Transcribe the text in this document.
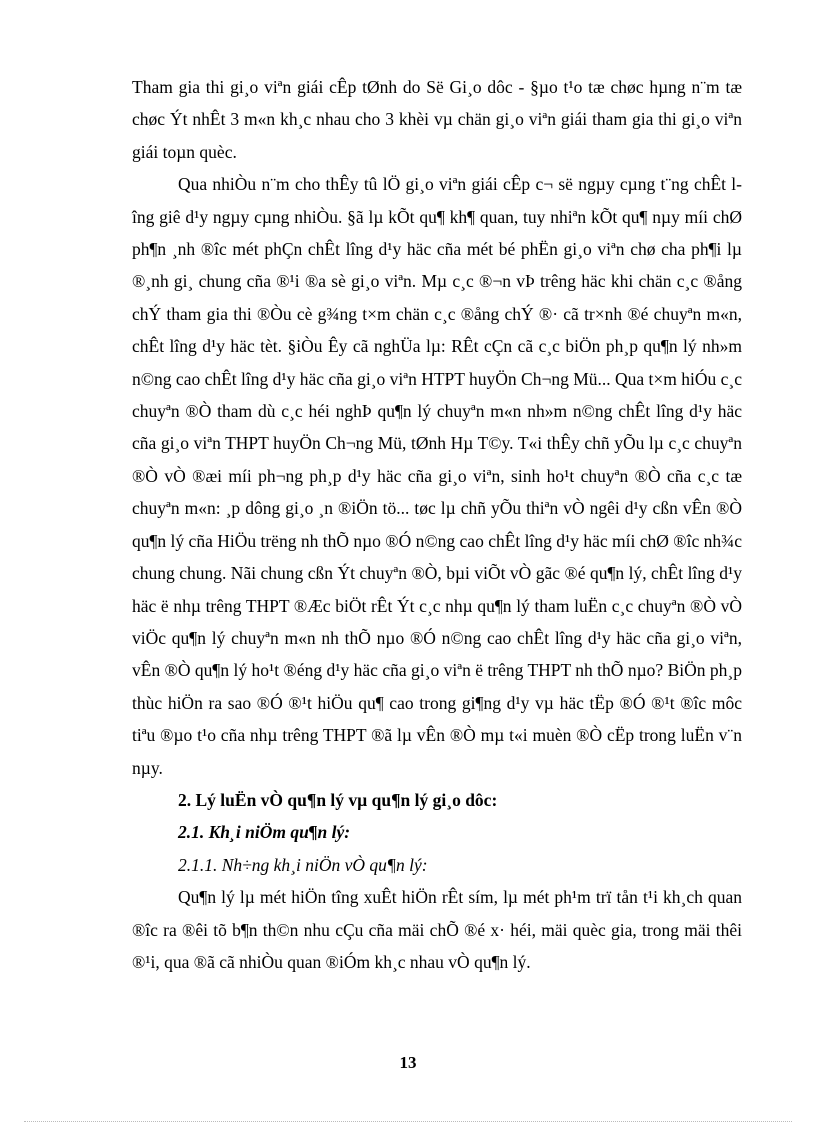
Tham gia thi gi¸o viªn giái cÊp tØnh do Së Gi¸o dôc - §µo t¹o tæ chøc hµng n¨m tæ chøc Ýt nhÊt 3 m«n kh¸c nhau cho 3 khèi vµ chän gi¸o viªn giái tham gia thi gi¸o viªn giái toµn quèc.

Qua nhiÒu n¨m cho thÊy tû lÖ gi¸o viªn giái cÊp c¬ së ngµy cµng t¨ng chÊt lîng giê d¹y ngµy cµng nhiÒu. §ã lµ kÕt qu¶ kh¶ quan, tuy nhiªn kÕt qu¶ nµy míi chØ ph¶n ¸nh ®îc mét phÇn chÊt lîng d¹y häc cña mét bé phËn gi¸o viªn chø cha ph¶i lµ ®¸nh gi¸ chung cña ®¹i ®a sè gi¸o viªn. Mµ c¸c ®¬n vÞ trêng häc khi chän c¸c ®ång chÝ tham gia thi ®Òu cè g¾ng t×m chän c¸c ®ång chÝ ®· cã tr×nh ®é chuyªn m«n, chÊt lîng d¹y häc tèt. §iÒu Êy cã nghÜa lµ: RÊt cÇn cã c¸c biÖn ph¸p qu¶n lý nh»m n©ng cao chÊt lîng d¹y häc cña gi¸o viªn HTPT huyÖn Ch¬ng Mü... Qua t×m hiÓu c¸c chuyªn ®Ò tham dù c¸c héi nghÞ qu¶n lý chuyªn m«n nh»m n©ng chÊt lîng d¹y häc cña gi¸o viªn THPT huyÖn Ch¬ng Mü, tØnh Hµ T©y. T«i thÊy chñ yÕu lµ c¸c chuyªn ®Ò vÒ ®æi míi ph¬ng ph¸p d¹y häc cña gi¸o viªn, sinh ho¹t chuyªn ®Ò cña c¸c tæ chuyªn m«n: ¸p dông gi¸o ¸n ®iÖn tö... tøc lµ chñ yÕu thiªn vÒ ngêi d¹y cßn vÊn ®Ò qu¶n lý cña HiÖu trëng nh thÕ nµo ®Ó n©ng cao chÊt lîng d¹y häc míi chØ ®îc nh¾c chung chung. Nãi chung cßn Ýt chuyªn ®Ò, bµi viÕt vÒ gãc ®é qu¶n lý, chÊt lîng d¹y häc ë nhµ trêng THPT ®Æc biÖt rÊt Ýt c¸c nhµ qu¶n lý tham luËn c¸c chuyªn ®Ò vÒ viÖc qu¶n lý chuyªn m«n nh thÕ nµo ®Ó n©ng cao chÊt lîng d¹y häc cña gi¸o viªn, vÊn ®Ò qu¶n lý ho¹t ®éng d¹y häc cña gi¸o viªn ë trêng THPT nh thÕ nµo? BiÖn ph¸p thùc hiÖn ra sao ®Ó ®¹t hiÖu qu¶ cao trong gi¶ng d¹y vµ häc tËp ®Ó ®¹t ®îc môc tiªu ®µo t¹o cña nhµ trêng THPT ®ã lµ vÊn ®Ò mµ t«i muèn ®Ò cËp trong luËn v¨n nµy.

2. Lý luËn vÒ qu¶n lý vµ qu¶n lý gi¸o dôc:

2.1. Kh¸i niÖm qu¶n lý:

2.1.1. Nh÷ng kh¸i niÖn vÒ qu¶n lý:

Qu¶n lý lµ mét hiÖn tîng xuÊt hiÖn rÊt sím, lµ mét ph¹m trï tån t¹i kh¸ch quan ®îc ra ®êi tõ b¶n th©n nhu cÇu cña mäi chÕ ®é x· héi, mäi quèc gia, trong mäi thêi ®¹i, qua ®ã cã nhiÒu quan ®iÓm kh¸c nhau vÒ qu¶n lý.

13
